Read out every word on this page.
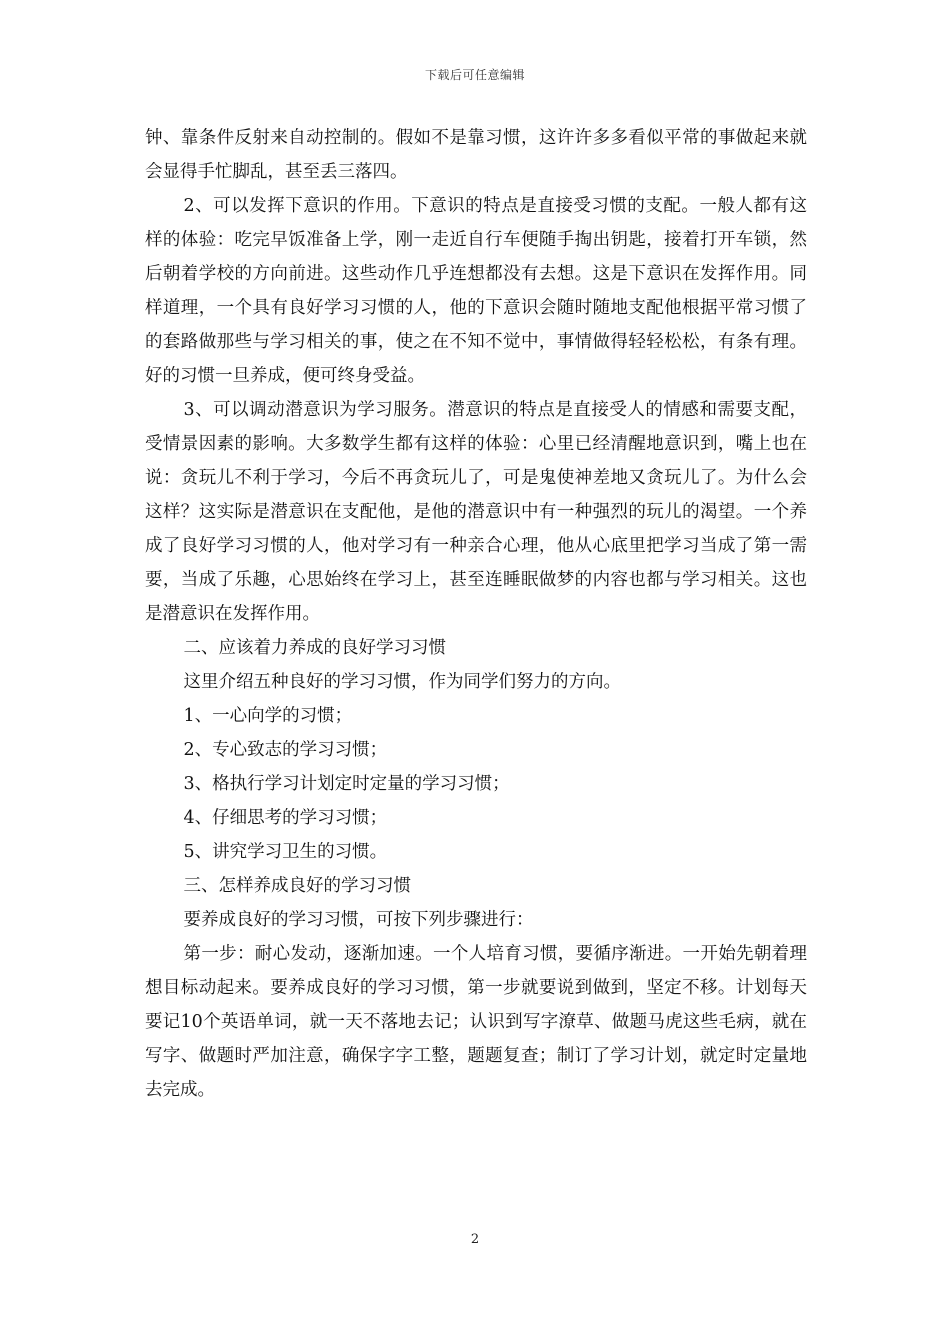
下载后可任意编辑

钟、靠条件反射来自动控制的。假如不是靠习惯，这许许多多看似平常的事做起来就会显得手忙脚乱，甚至丢三落四。

2、可以发挥下意识的作用。下意识的特点是直接受习惯的支配。一般人都有这样的体验：吃完早饭准备上学，刚一走近自行车便随手掏出钥匙，接着打开车锁，然后朝着学校的方向前进。这些动作几乎连想都没有去想。这是下意识在发挥作用。同样道理，一个具有良好学习习惯的人，他的下意识会随时随地支配他根据平常习惯了的套路做那些与学习相关的事，使之在不知不觉中，事情做得轻轻松松，有条有理。好的习惯一旦养成，便可终身受益。

3、可以调动潜意识为学习服务。潜意识的特点是直接受人的情感和需要支配，受情景因素的影响。大多数学生都有这样的体验：心里已经清醒地意识到，嘴上也在说：贪玩儿不利于学习，今后不再贪玩儿了，可是鬼使神差地又贪玩儿了。为什么会这样？这实际是潜意识在支配他，是他的潜意识中有一种强烈的玩儿的渴望。一个养成了良好学习习惯的人，他对学习有一种亲合心理，他从心底里把学习当成了第一需要，当成了乐趣，心思始终在学习上，甚至连睡眠做梦的内容也都与学习相关。这也是潜意识在发挥作用。

二、应该着力养成的良好学习习惯

这里介绍五种良好的学习习惯，作为同学们努力的方向。

1、一心向学的习惯；

2、专心致志的学习习惯；

3、格执行学习计划定时定量的学习习惯；

4、仔细思考的学习习惯；

5、讲究学习卫生的习惯。

三、怎样养成良好的学习习惯

要养成良好的学习习惯，可按下列步骤进行：

第一步：耐心发动，逐渐加速。一个人培育习惯，要循序渐进。一开始先朝着理想目标动起来。要养成良好的学习习惯，第一步就要说到做到，坚定不移。计划每天要记10个英语单词，就一天不落地去记；认识到写字潦草、做题马虎这些毛病，就在写字、做题时严加注意，确保字字工整，题题复查；制订了学习计划，就定时定量地去完成。

2
